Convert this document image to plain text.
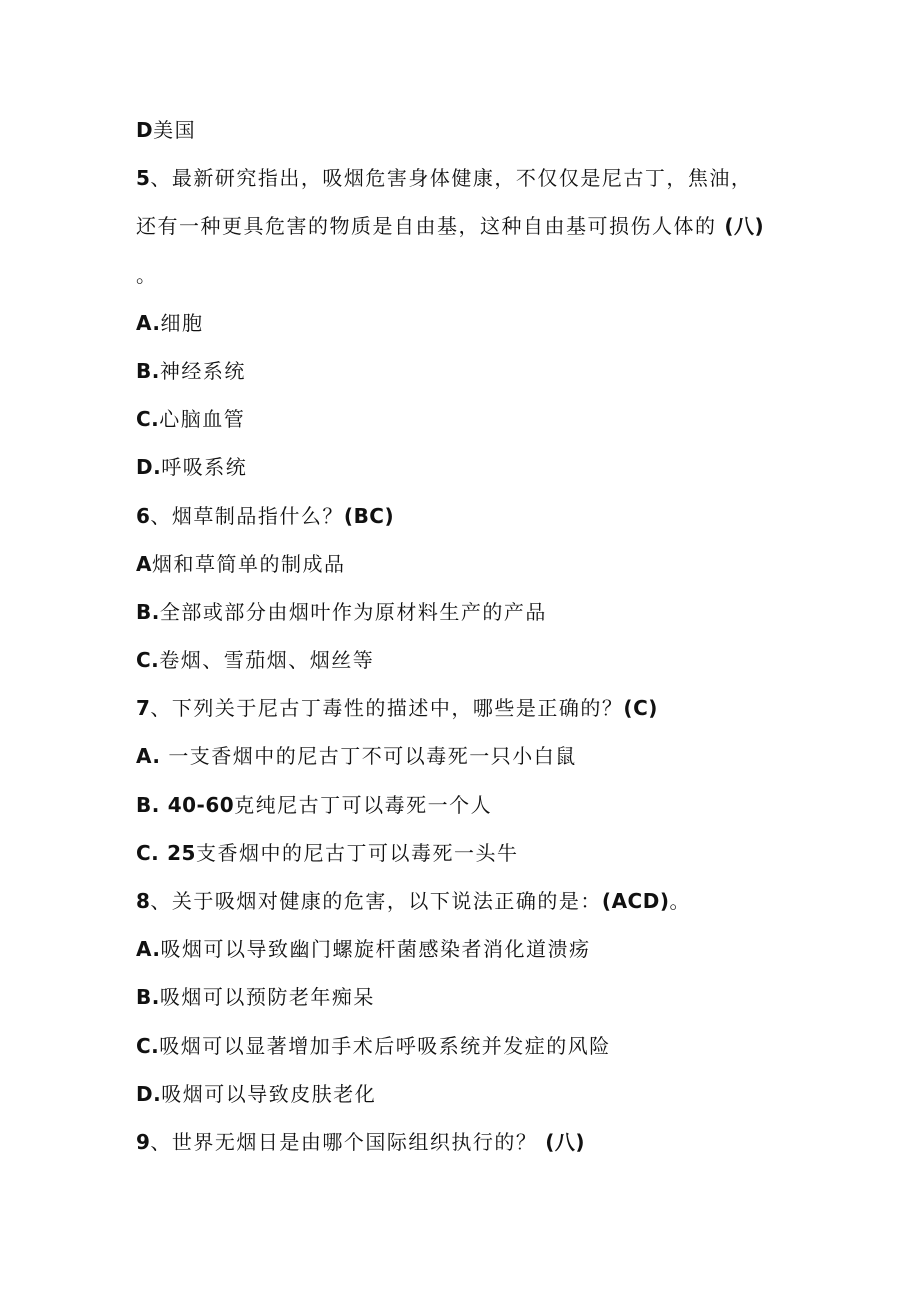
D美国
5、最新研究指出，吸烟危害身体健康，不仅仅是尼古丁，焦油，还有一种更具危害的物质是自由基，这种自由基可损伤人体的 (八) 。
A.细胞
B.神经系统
C.心脑血管
D.呼吸系统
6、烟草制品指什么？(BC)
A烟和草简单的制成品
B.全部或部分由烟叶作为原材料生产的产品
C.卷烟、雪茄烟、烟丝等
7、下列关于尼古丁毒性的描述中，哪些是正确的？(C)
A. 一支香烟中的尼古丁不可以毒死一只小白鼠
B. 40-60克纯尼古丁可以毒死一个人
C. 25支香烟中的尼古丁可以毒死一头牛
8、关于吸烟对健康的危害，以下说法正确的是：(ACD)。
A.吸烟可以导致幽门螺旋杆菌感染者消化道溃疡
B.吸烟可以预防老年痴呆
C.吸烟可以显著增加手术后呼吸系统并发症的风险
D.吸烟可以导致皮肤老化
9、世界无烟日是由哪个国际组织执行的？ (八)
